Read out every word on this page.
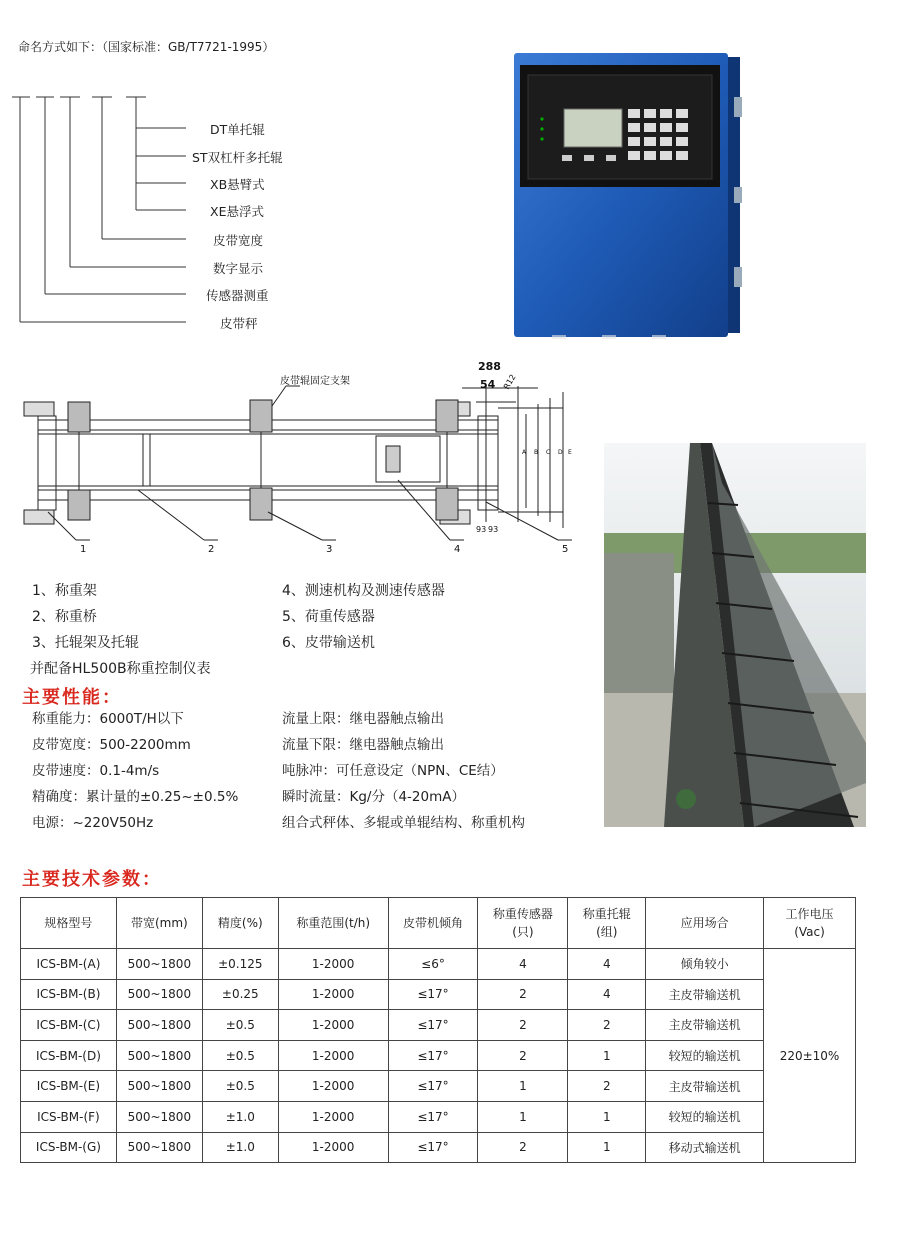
命名方式如下：（国家标准：GB/T7721-1995）
DT单托辊
ST双杠杆多托辊
XB悬臂式
XE悬浮式
皮带宽度
数字显示
传感器测重
皮带秤
皮带辊固定支架
288
54 R12
93 93
A B C D E
1	2	3	4	5
1、称重架
2、称重桥
3、托辊架及托辊
并配备HL500B称重控制仪表
4、测速机构及测速传感器
5、荷重传感器
6、皮带输送机
主要性能：
称重能力：6000T/H以下
皮带宽度：500-2200mm
皮带速度：0.1-4m/s
精确度：累计量的±0.25~±0.5%
电源：~220V50Hz
流量上限：继电器触点输出
流量下限：继电器触点输出
吨脉冲：可任意设定（NPN、CE结）
瞬时流量：Kg/分（4-20mA）
组合式秤体、多辊或单辊结构、称重机构
主要技术参数：
规格型号	带宽(mm)	精度(%)	称重范围(t/h)	皮带机倾角	称重传感器
(只)	称重托辊
(组)	应用场合	工作电压
(Vac)
ICS-BM-(A)	500~1800	±0.125	1-2000	≤6°	4	4	倾角较小	220±10%
ICS-BM-(B)	500~1800	±0.25	1-2000	≤17°	2	4	主皮带输送机	
ICS-BM-(C)	500~1800	±0.5	1-2000	≤17°	2	2	主皮带输送机	
ICS-BM-(D)	500~1800	±0.5	1-2000	≤17°	2	1	较短的输送机	
ICS-BM-(E)	500~1800	±0.5	1-2000	≤17°	1	2	主皮带输送机	
ICS-BM-(F)	500~1800	±1.0	1-2000	≤17°	1	1	较短的输送机	
ICS-BM-(G)	500~1800	±1.0	1-2000	≤17°	2	1	移动式输送机	
